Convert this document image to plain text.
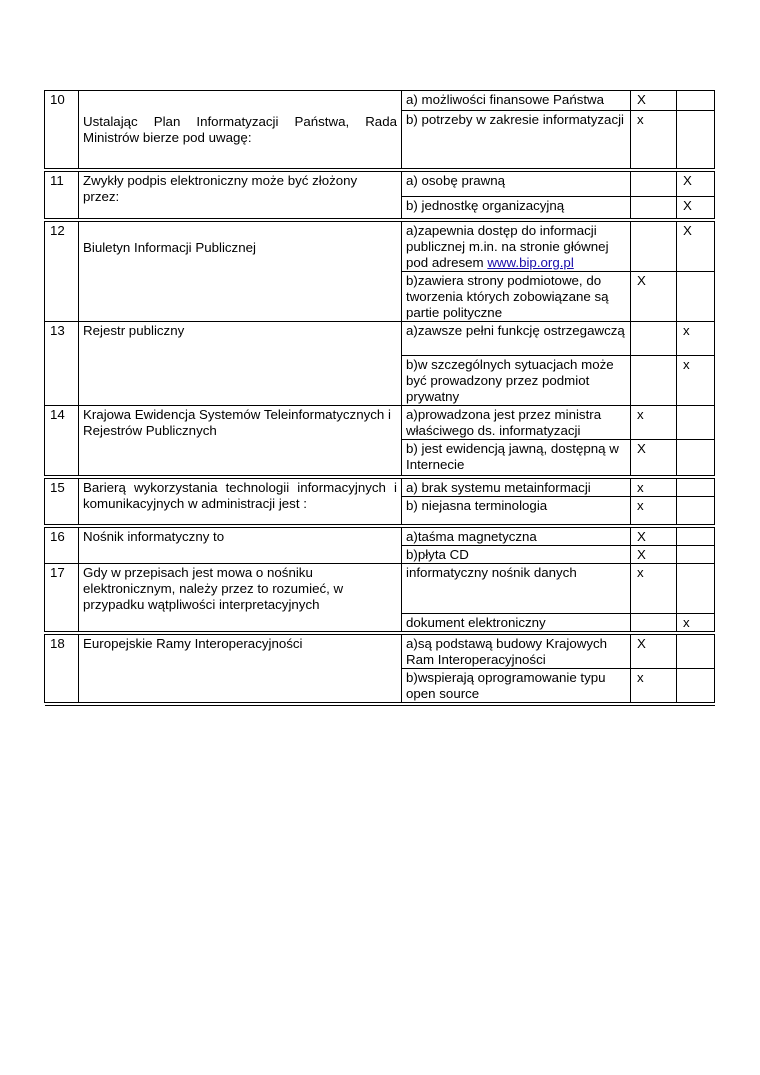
10	Ustalając Plan Informatyzacji Państwa, Rada Ministrów bierze pod uwagę:	a) możliwości finansowe Państwa	X	
		b) potrzeby w zakresie informatyzacji	x	

11	Zwykły podpis elektroniczny może być złożony przez:	a) osobę prawną		X
		b) jednostkę organizacyjną		X

12	Biuletyn Informacji Publicznej	a)zapewnia dostęp do informacji publicznej m.in. na stronie głównej pod adresem www.bip.org.pl		X
		b)zawiera strony podmiotowe, do tworzenia których zobowiązane są partie polityczne	X	
13	Rejestr publiczny	a)zawsze pełni funkcję ostrzegawczą		x
		b)w szczególnych sytuacjach może być prowadzony przez podmiot prywatny		x
14	Krajowa Ewidencja Systemów Teleinformatycznych i Rejestrów Publicznych	a)prowadzona jest przez ministra właściwego ds. informatyzacji	x	
		b) jest ewidencją jawną, dostępną w Internecie	X	

15	Barierą wykorzystania technologii informacyjnych i komunikacyjnych w administracji jest :	a) brak systemu metainformacji	x	
		b) niejasna terminologia	x	

16	Nośnik informatyczny to	a)taśma magnetyczna	X	
		b)płyta CD	X	
17	Gdy w przepisach jest mowa o nośniku elektronicznym, należy przez to rozumieć, w przypadku wątpliwości interpretacyjnych	informatyczny nośnik danych	x	
		dokument elektroniczny		x

18	Europejskie Ramy Interoperacyjności	a)są podstawą budowy Krajowych Ram Interoperacyjności	X	
		b)wspierają oprogramowanie typu open source	x	
